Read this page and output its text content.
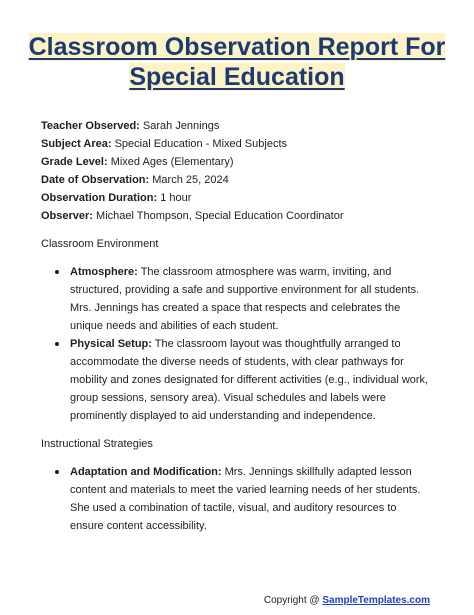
Classroom Observation Report For
Special Education
Teacher Observed: Sarah Jennings
Subject Area: Special Education - Mixed Subjects
Grade Level: Mixed Ages (Elementary)
Date of Observation: March 25, 2024
Observation Duration: 1 hour
Observer: Michael Thompson, Special Education Coordinator
Classroom Environment
Atmosphere: The classroom atmosphere was warm, inviting, and structured, providing a safe and supportive environment for all students. Mrs. Jennings has created a space that respects and celebrates the unique needs and abilities of each student.
Physical Setup: The classroom layout was thoughtfully arranged to accommodate the diverse needs of students, with clear pathways for mobility and zones designated for different activities (e.g., individual work, group sessions, sensory area). Visual schedules and labels were prominently displayed to aid understanding and independence.
Instructional Strategies
Adaptation and Modification: Mrs. Jennings skillfully adapted lesson content and materials to meet the varied learning needs of her students. She used a combination of tactile, visual, and auditory resources to ensure content accessibility.
Copyright @ SampleTemplates.com
